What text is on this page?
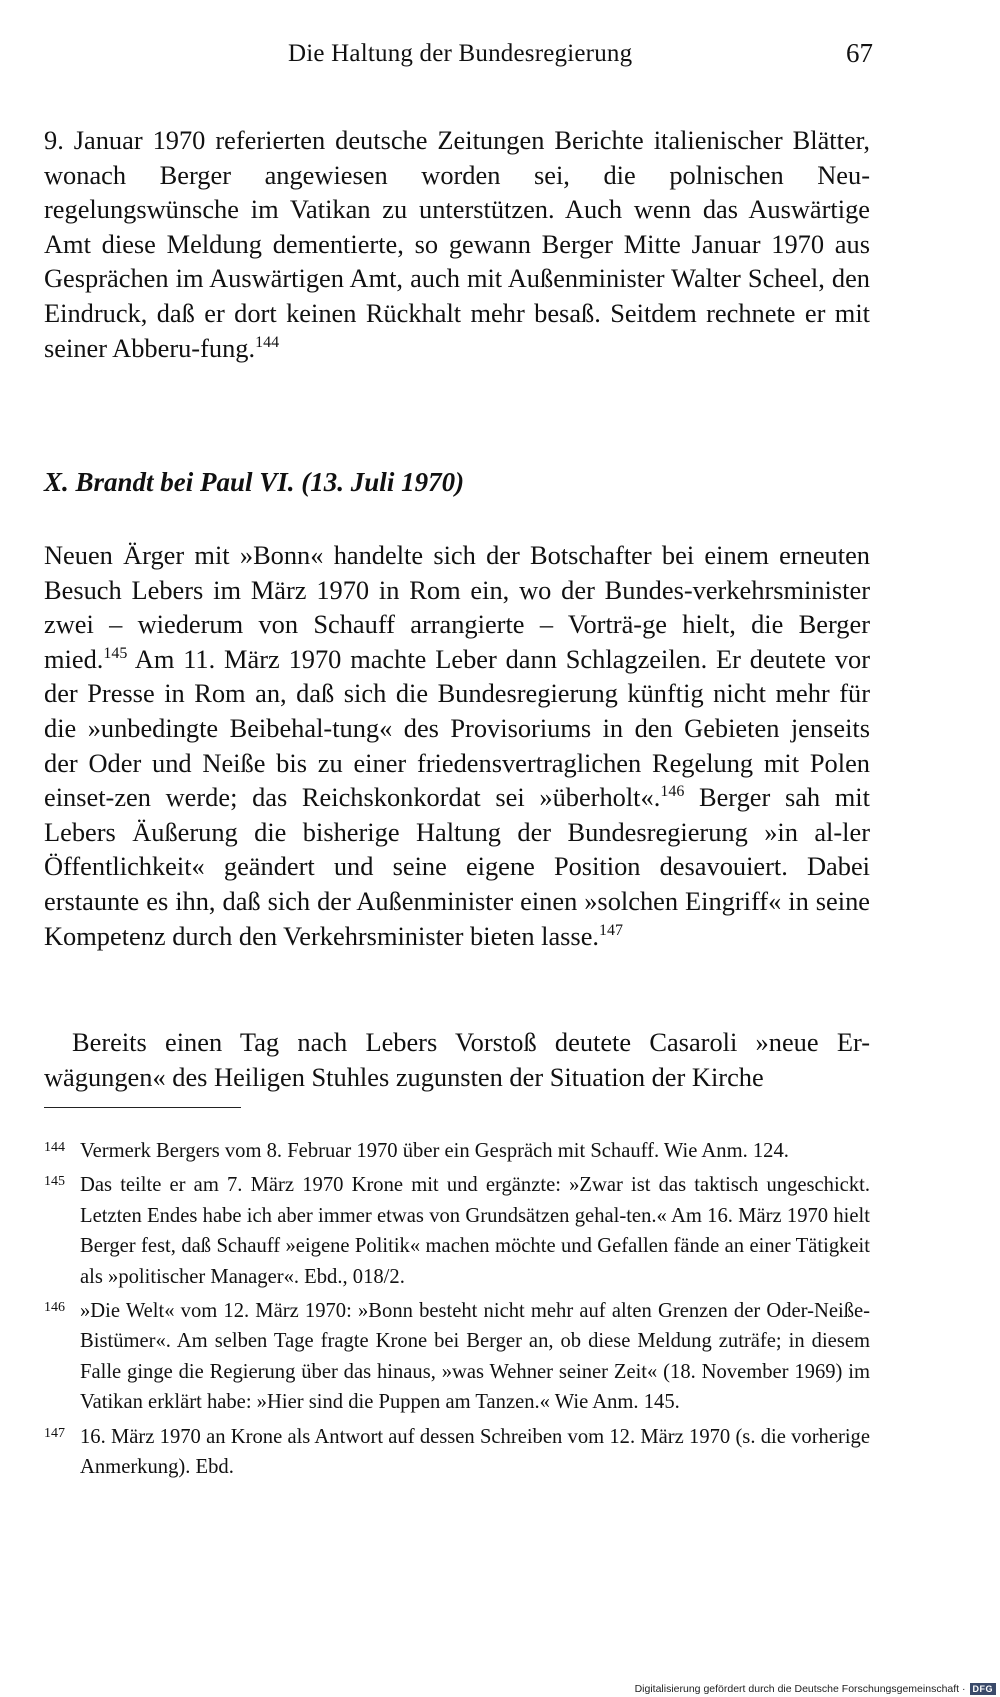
Die Haltung der Bundesregierung	67

9. Januar 1970 referierten deutsche Zeitungen Berichte italienischer Blätter, wonach Berger angewiesen worden sei, die polnischen Neu-regelungswünsche im Vatikan zu unterstützen. Auch wenn das Auswärtige Amt diese Meldung dementierte, so gewann Berger Mitte Januar 1970 aus Gesprächen im Auswärtigen Amt, auch mit Außenminister Walter Scheel, den Eindruck, daß er dort keinen Rückhalt mehr besaß. Seitdem rechnete er mit seiner Abberu-fung.$^{144}$

X. Brandt bei Paul VI. (13. Juli 1970)

Neuen Ärger mit »Bonn« handelte sich der Botschafter bei einem erneuten Besuch Lebers im März 1970 in Rom ein, wo der Bundes-verkehrsminister zwei – wiederum von Schauff arrangierte – Vorträ-ge hielt, die Berger mied.$^{145}$ Am 11. März 1970 machte Leber dann Schlagzeilen. Er deutete vor der Presse in Rom an, daß sich die Bundesregierung künftig nicht mehr für die »unbedingte Beibehal-tung« des Provisoriums in den Gebieten jenseits der Oder und Neiße bis zu einer friedensvertraglichen Regelung mit Polen einset-zen werde; das Reichskonkordat sei »überholt«.$^{146}$ Berger sah mit Lebers Äußerung die bisherige Haltung der Bundesregierung »in al-ler Öffentlichkeit« geändert und seine eigene Position desavouiert. Dabei erstaunte es ihn, daß sich der Außenminister einen »solchen Eingriff« in seine Kompetenz durch den Verkehrsminister bieten lasse.$^{147}$

Bereits einen Tag nach Lebers Vorstoß deutete Casaroli »neue Er-wägungen« des Heiligen Stuhles zugunsten der Situation der Kirche

144 Vermerk Bergers vom 8. Februar 1970 über ein Gespräch mit Schauff. Wie Anm. 124.
145 Das teilte er am 7. März 1970 Krone mit und ergänzte: »Zwar ist das taktisch ungeschickt. Letzten Endes habe ich aber immer etwas von Grundsätzen gehal-ten.« Am 16. März 1970 hielt Berger fest, daß Schauff »eigene Politik« machen möchte und Gefallen fände an einer Tätigkeit als »politischer Manager«. Ebd., 018/2.
146 »Die Welt« vom 12. März 1970: »Bonn besteht nicht mehr auf alten Grenzen der Oder-Neiße-Bistümer«. Am selben Tage fragte Krone bei Berger an, ob diese Meldung zuträfe; in diesem Falle ginge die Regierung über das hinaus, »was Wehner seiner Zeit« (18. November 1969) im Vatikan erklärt habe: »Hier sind die Puppen am Tanzen.« Wie Anm. 145.
147 16. März 1970 an Krone als Antwort auf dessen Schreiben vom 12. März 1970 (s. die vorherige Anmerkung). Ebd.
Digitalisierung gefördert durch die Deutsche Forschungsgemeinschaft · DFG
